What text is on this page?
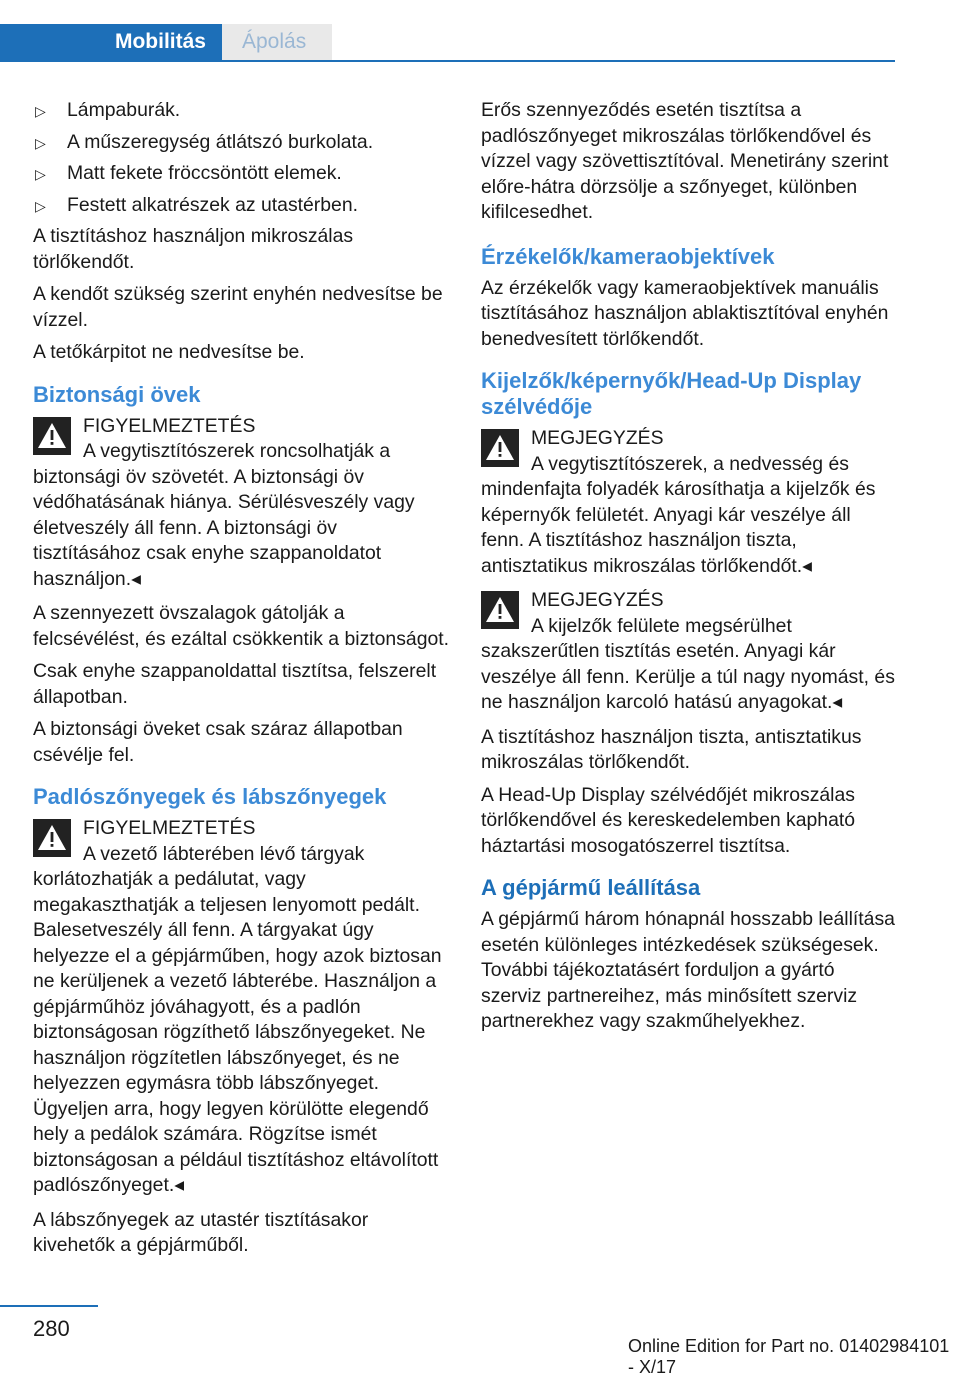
Mobilitás Ápolás
▷ Lámpaburák.
▷ A műszeregység átlátszó burkolata.
▷ Matt fekete fröccsöntött elemek.
▷ Festett alkatrészek az utastérben.

A tisztításhoz használjon mikroszálas törlőkendőt.

A kendőt szükség szerint enyhén nedvesítse be vízzel.

A tetőkárpitot ne nedvesítse be.

Biztonsági övek
FIGYELMEZTETÉS
A vegytisztítószerek roncsolhatják a biztonsági öv szövetét. A biztonsági öv védőhatásának hiánya. Sérülésveszély vagy életveszély áll fenn. A biztonsági öv tisztításához csak enyhe szappanoldatot használjon.◂

A szennyezett övszalagok gátolják a felcsévélést, és ezáltal csökkentik a biztonságot.

Csak enyhe szappanoldattal tisztítsa, felszerelt állapotban.

A biztonsági öveket csak száraz állapotban csévélje fel.

Padlószőnyegek és lábszőnyegek
FIGYELMEZTETÉS
A vezető lábterében lévő tárgyak korlátozhatják a pedálutat, vagy megakaszthatják a teljesen lenyomott pedált. Balesetveszély áll fenn. A tárgyakat úgy helyezze el a gépjárműben, hogy azok biztosan ne kerüljenek a vezető lábterébe. Használjon a gépjárműhöz jóváhagyott, és a padlón biztonságosan rögzíthető lábszőnyegeket. Ne használjon rögzítetlen lábszőnyeget, és ne helyezzen egymásra több lábszőnyeget. Ügyeljen arra, hogy legyen körülötte elegendő hely a pedálok számára. Rögzítse ismét biztonságosan a például tisztításhoz eltávolított padlószőnyeget.◂

A lábszőnyegek az utastér tisztításakor kivehetők a gépjárműből.

Erős szennyeződés esetén tisztítsa a padlószőnyeget mikroszálas törlőkendővel és vízzel vagy szövettisztítóval. Menetirány szerint előre-hátra dörzsölje a szőnyeget, különben kifilcesedhet.

Érzékelők/kameraobjektívek

Az érzékelők vagy kameraobjektívek manuális tisztításához használjon ablaktisztítóval enyhén benedvesített törlőkendőt.

Kijelzők/képernyők/Head-Up Display szélvédője
MEGJEGYZÉS
A vegytisztítószerek, a nedvesség és mindenfajta folyadék károsíthatja a kijelzők és képernyők felületét. Anyagi kár veszélye áll fenn. A tisztításhoz használjon tiszta, antisztatikus mikroszálas törlőkendőt.◂
MEGJEGYZÉS
A kijelzők felülete megsérülhet szakszerűtlen tisztítás esetén. Anyagi kár veszélye áll fenn. Kerülje a túl nagy nyomást, és ne használjon karcoló hatású anyagokat.◂

A tisztításhoz használjon tiszta, antisztatikus mikroszálas törlőkendőt.

A Head-Up Display szélvédőjét mikroszálas törlőkendővel és kereskedelemben kapható háztartási mosogatószerrel tisztítsa.

A gépjármű leállítása

A gépjármű három hónapnál hosszabb leállítása esetén különleges intézkedések szükségesek. További tájékoztatásért forduljon a gyártó szerviz partnereihez, más minősített szerviz partnerekhez vagy szakműhelyekhez.

280
Online Edition for Part no. 01402984101 - X/17
